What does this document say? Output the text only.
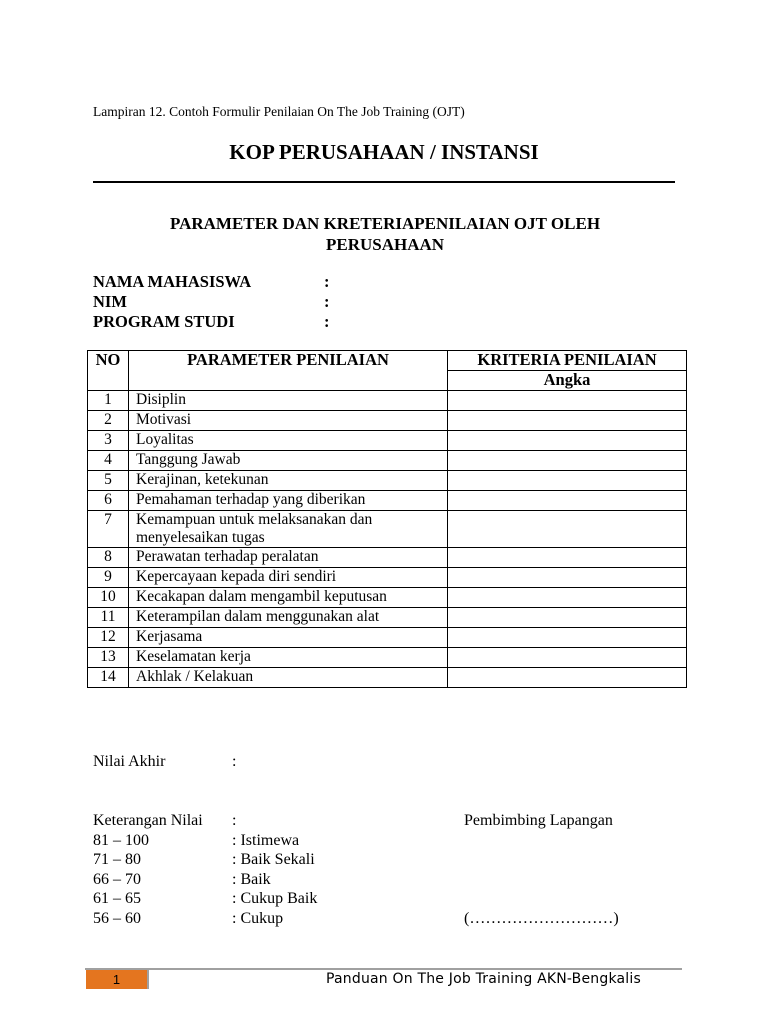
Lampiran 12. Contoh Formulir Penilaian On The Job Training (OJT)
KOP PERUSAHAAN / INSTANSI
PARAMETER DAN KRETERIAPENILAIAN OJT OLEH
PERUSAHAAN
NAMA MAHASISWA	:
NIM	:
PROGRAM STUDI	:
NO	PARAMETER PENILAIAN	KRITERIA PENILAIAN
		Angka
1	Disiplin	
2	Motivasi	
3	Loyalitas	
4	Tanggung Jawab	
5	Kerajinan, ketekunan	
6	Pemahaman terhadap yang diberikan	
7	Kemampuan untuk melaksanakan dan
menyelesaikan tugas	

8	Perawatan terhadap peralatan	
9	Kepercayaan kepada diri sendiri	
10	Kecakapan dalam mengambil keputusan	
11	Keterampilan dalam menggunakan alat	
12	Kerjasama	
13	Keselamatan kerja	
14	Akhlak / Kelakuan	
Nilai Akhir	:
Keterangan Nilai :	Pembimbing Lapangan
81 – 100	: Istimewa
71 – 80	: Baik Sekali
66 – 70	: Baik
61 – 65	: Cukup Baik
56 – 60	: Cukup	(………………………)
1	Panduan On The Job Training AKN-Bengkalis
